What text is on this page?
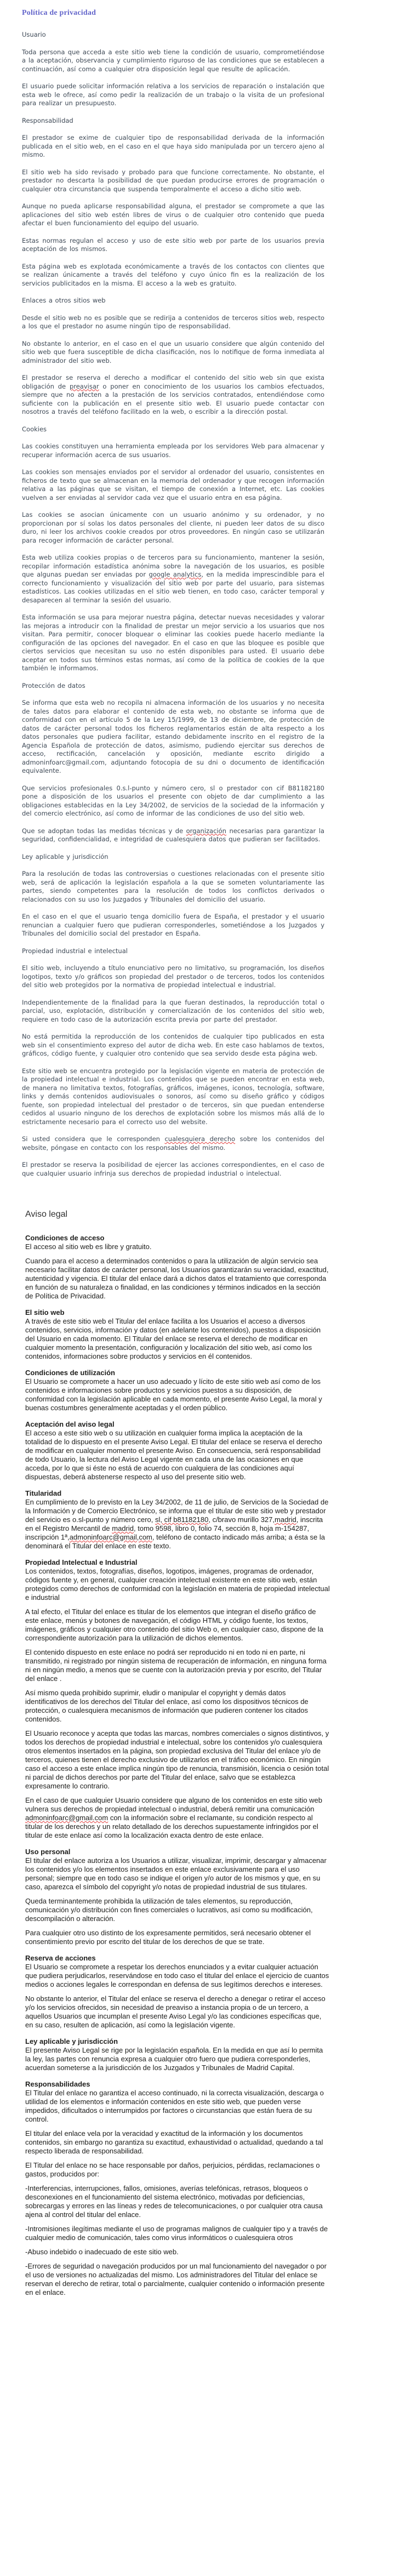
Política de privacidad
Usuario
Toda persona que acceda a este sitio web tiene la condición de usuario, comprometiéndose a la aceptación, observancia y cumplimiento riguroso de las condiciones que se establecen a continuación, así como a cualquier otra disposición legal que resulte de aplicación.
El usuario puede solicitar información relativa a los servicios de reparación o instalación que esta web le ofrece, así como pedir la realización de un trabajo o la visita de un profesional para realizar un presupuesto.
Responsabilidad
El prestador se exime de cualquier tipo de responsabilidad derivada de la información publicada en el sitio web, en el caso en el que haya sido manipulada por un tercero ajeno al mismo.
El sitio web ha sido revisado y probado para que funcione correctamente. No obstante, el prestador no descarta la posibilidad de que puedan producirse errores de programación o cualquier otra circunstancia que suspenda temporalmente el acceso a dicho sitio web.
Aunque no pueda aplicarse responsabilidad alguna, el prestador se compromete a que las aplicaciones del sitio web estén libres de virus o de cualquier otro contenido que pueda afectar el buen funcionamiento del equipo del usuario.
Estas normas regulan el acceso y uso de este sitio web por parte de los usuarios previa aceptación de los mismos.
Esta página web es explotada económicamente a través de los contactos con clientes que se realizan únicamente a través del teléfono y cuyo único fin es la realización de los servicios publicitados en la misma. El acceso a la web es gratuito.
Enlaces a otros sitios web
Desde el sitio web no es posible que se redirija a contenidos de terceros sitios web, respecto a los que el prestador no asume ningún tipo de responsabilidad.
No obstante lo anterior, en el caso en el que un usuario considere que algún contenido del sitio web que fuera susceptible de dicha clasificación, nos lo notifique de forma inmediata al administrador del sitio web.
El prestador se reserva el derecho a modificar el contenido del sitio web sin que exista obligación de preavisar o poner en conocimiento de los usuarios los cambios efectuados, siempre que no afecten a la prestación de los servicios contratados, entendiéndose como suficiente con la publicación en el presente sitio web. El usuario puede contactar con nosotros a través del teléfono facilitado en la web, o escribir a la dirección postal.
Cookies
Las cookies constituyen una herramienta empleada por los servidores Web para almacenar y recuperar información acerca de sus usuarios.
Las cookies son mensajes enviados por el servidor al ordenador del usuario, consistentes en ficheros de texto que se almacenan en la memoria del ordenador y que recogen información relativa a las páginas que se visitan, el tiempo de conexión a Internet, etc. Las cookies vuelven a ser enviadas al servidor cada vez que el usuario entra en esa página.
Las cookies se asocian únicamente con un usuario anónimo y su ordenador, y no proporcionan por sí solas los datos personales del cliente, ni pueden leer datos de su disco duro, ni leer los archivos cookie creados por otros proveedores. En ningún caso se utilizarán para recoger información de carácter personal.
Esta web utiliza cookies propias o de terceros para su funcionamiento, mantener la sesión, recopilar información estadística anónima sobre la navegación de los usuarios, es posible que algunas puedan ser enviadas por google analytics, en la medida imprescindible para el correcto funcionamiento y visualización del sitio web por parte del usuario, para sistemas estadísticos. Las cookies utilizadas en el sitio web tienen, en todo caso, carácter temporal y desaparecen al terminar la sesión del usuario.
Esta información se usa para mejorar nuestra página, detectar nuevas necesidades y valorar las mejoras a introducir con la finalidad de prestar un mejor servicio a los usuarios que nos visitan. Para permitir, conocer bloquear o eliminar las cookies puede hacerlo mediante la configuración de las opciones del navegador. En el caso en que las bloquee es posible que ciertos servicios que necesitan su uso no estén disponibles para usted. El usuario debe aceptar en todos sus términos estas normas, así como de la política de cookies de la que también le informamos.
Protección de datos
Se informa que esta web no recopila ni almacena información de los usuarios y no necesita de tales datos para elaborar el contenido de esta web, no obstante se informa que de conformidad con en el artículo 5 de la Ley 15/1999, de 13 de diciembre, de protección de datos de carácter personal todos los ficheros reglamentarios están de alta respecto a los datos personales que pudiera facilitar, estando debidamente inscrito en el registro de la Agencia Española de protección de datos, asimismo, pudiendo ejercitar sus derechos de acceso, rectificación, cancelación y oposición, mediante escrito dirigido a admoninfoarc@gmail.com, adjuntando fotocopia de su dni o documento de identificación equivalente.
Que servicios profesionales 0.s.l-punto y número cero, sl o prestador con cif B81182180 pone a disposición de los usuarios el presente con objeto de dar cumplimiento a las obligaciones establecidas en la Ley 34/2002, de servicios de la sociedad de la información y del comercio electrónico, así como de informar de las condiciones de uso del sitio web.
Que se adoptan todas las medidas técnicas y de organización necesarias para garantizar la seguridad, confidencialidad, e integridad de cualesquiera datos que pudieran ser facilitados.
Ley aplicable y jurisdicción
Para la resolución de todas las controversias o cuestiones relacionadas con el presente sitio web, será de aplicación la legislación española a la que se someten voluntariamente las partes, siendo competentes para la resolución de todos los conflictos derivados o relacionados con su uso los Juzgados y Tribunales del domicilio del usuario.
En el caso en el que el usuario tenga domicilio fuera de España, el prestador y el usuario renuncian a cualquier fuero que pudieran corresponderles, sometiéndose a los Juzgados y Tribunales del domicilio social del prestador en España.
Propiedad industrial e intelectual
El sitio web, incluyendo a título enunciativo pero no limitativo, su programación, los diseños logotipos, texto y/o gráficos son propiedad del prestador o de terceros, todos los contenidos del sitio web protegidos por la normativa de propiedad intelectual e industrial.
Independientemente de la finalidad para la que fueran destinados, la reproducción total o parcial, uso, explotación, distribución y comercialización de los contenidos del sitio web, requiere en todo caso de la autorización escrita previa por parte del prestador.
No está permitida la reproducción de los contenidos de cualquier tipo publicados en esta web sin el consentimiento expreso del autor de dicha web. En este caso hablamos de textos, gráficos, código fuente, y cualquier otro contenido que sea servido desde esta página web.
Este sitio web se encuentra protegido por la legislación vigente en materia de protección de la propiedad intelectual e industrial. Los contenidos que se pueden encontrar en esta web, de manera no limitativa textos, fotografías, gráficos, imágenes, iconos, tecnología, software, links y demás contenidos audiovisuales o sonoros, así como su diseño gráfico y códigos fuente, son propiedad intelectual del prestador o de terceros, sin que puedan entenderse cedidos al usuario ninguno de los derechos de explotación sobre los mismos más allá de lo estrictamente necesario para el correcto uso del website.
Si usted considera que le corresponden cualesquiera derecho sobre los contenidos del website, póngase en contacto con los responsables del mismo.
El prestador se reserva la posibilidad de ejercer las acciones correspondientes, en el caso de que cualquier usuario infrinja sus derechos de propiedad industrial o intelectual.
Aviso legal
Condiciones de acceso
El acceso al sitio web es libre y gratuito.
Cuando para el acceso a determinados contenidos o para la utilización de algún servicio sea necesario facilitar datos de carácter personal, los Usuarios garantizarán su veracidad, exactitud, autenticidad y vigencia. El titular del enlace dará a dichos datos el tratamiento que corresponda en función de su naturaleza o finalidad, en las condiciones y términos indicados en la sección de Política de Privacidad.
El sitio web
A través de este sitio web el Titular del enlace facilita a los Usuarios el acceso a diversos contenidos, servicios, información y datos (en adelante los contenidos), puestos a disposición del Usuario en cada momento. El Titular del enlace se reserva el derecho de modificar en cualquier momento la presentación, configuración y localización del sitio web, así como los contenidos, informaciones sobre productos y servicios en él contenidos.
Condiciones de utilización
El Usuario se compromete a hacer un uso adecuado y lícito de este sitio web así como de los contenidos e informaciones sobre productos y servicios puestos a su disposición, de conformidad con la legislación aplicable en cada momento, el presente Aviso Legal, la moral y buenas costumbres generalmente aceptadas y el orden público.
Aceptación del aviso legal
El acceso a este sitio web o su utilización en cualquier forma implica la aceptación de la totalidad de lo dispuesto en el presente Aviso Legal. El titular del enlace se reserva el derecho de modificar en cualquier momento el presente Aviso. En consecuencia, será responsabilidad de todo Usuario, la lectura del Aviso Legal vigente en cada una de las ocasiones en que acceda, por lo que si éste no está de acuerdo con cualquiera de las condiciones aquí dispuestas, deberá abstenerse respecto al uso del presente sitio web.
Titularidad
En cumplimiento de lo previsto en la Ley 34/2002, de 11 de julio, de Servicios de la Sociedad de la Información y de Comercio Electrónico, se informa que el titular de este sitio web y prestador del servicio es o.sl-punto y número cero, sl, cif b81182180, c/bravo murillo 327,madrid, inscrita en el Registro Mercantil de madrid, tomo 9598, libro 0, folio 74, sección 8, hoja m-154287, inscripción 1ª,admoninfoarc@gmail,com, teléfono de contacto indicado más arriba; a ésta se la denominará el Titular del enlace en este texto.
Propiedad Intelectual e Industrial
Los contenidos, textos, fotografías, diseños, logotipos, imágenes, programas de ordenador, códigos fuente y, en general, cualquier creación intelectual existente en este sitio web, están protegidos como derechos de conformidad con la legislación en materia de propiedad intelectual e industrial
A tal efecto, el Titular del enlace es titular de los elementos que integran el diseño gráfico de este enlace, menús y botones de navegación, el código HTML y código fuente, los textos, imágenes, gráficos y cualquier otro contenido del sitio Web o, en cualquier caso, dispone de la correspondiente autorización para la utilización de dichos elementos.
El contenido dispuesto en este enlace no podrá ser reproducido ni en todo ni en parte, ni transmitido, ni registrado por ningún sistema de recuperación de información, en ninguna forma ni en ningún medio, a menos que se cuente con la autorización previa y por escrito, del Titular del enlace .
Así mismo queda prohibido suprimir, eludir o manipular el copyright y demás datos identificativos de los derechos del Titular del enlace, así como los dispositivos técnicos de protección, o cualesquiera mecanismos de información que pudieren contener los citados contenidos.
El Usuario reconoce y acepta que todas las marcas, nombres comerciales o signos distintivos, y todos los derechos de propiedad industrial e intelectual, sobre los contenidos y/o cualesquiera otros elementos insertados en la página, son propiedad exclusiva del Titular del enlace y/o de terceros, quienes tienen el derecho exclusivo de utilizarlos en el tráfico económico. En ningún caso el acceso a este enlace implica ningún tipo de renuncia, transmisión, licencia o cesión total ni parcial de dichos derechos por parte del Titular del enlace, salvo que se establezca expresamente lo contrario.
En el caso de que cualquier Usuario considere que alguno de los contenidos en este sitio web vulnera sus derechos de propiedad intelectual o industrial, deberá remitir una comunicación admoninfoarc@gmail.com con la información sobre el reclamante, su condición respecto al titular de los derechos y un relato detallado de los derechos supuestamente infringidos por el titular de este enlace así como la localización exacta dentro de este enlace.
Uso personal
El titular del enlace autoriza a los Usuarios a utilizar, visualizar, imprimir, descargar y almacenar los contenidos y/o los elementos insertados en este enlace exclusivamente para el uso personal; siempre que en todo caso se indique el origen y/o autor de los mismos y que, en su caso, aparezca el símbolo del copyright y/o notas de propiedad industrial de sus titulares.
Queda terminantemente prohibida la utilización de tales elementos, su reproducción, comunicación y/o distribución con fines comerciales o lucrativos, así como su modificación, descompilación o alteración.
Para cualquier otro uso distinto de los expresamente permitidos, será necesario obtener el consentimiento previo por escrito del titular de los derechos de que se trate.
Reserva de acciones
El Usuario se compromete a respetar los derechos enunciados y a evitar cualquier actuación que pudiera perjudicarlos, reservándose en todo caso el titular del enlace el ejercicio de cuantos medios o acciones legales le correspondan en defensa de sus legítimos derechos e intereses.
No obstante lo anterior, el Titular del enlace se reserva el derecho a denegar o retirar el acceso y/o los servicios ofrecidos, sin necesidad de preaviso a instancia propia o de un tercero, a aquellos Usuarios que incumplan el presente Aviso Legal y/o las condiciones específicas que, en su caso, resulten de aplicación, así como la legislación vigente.
Ley aplicable y jurisdicción
El presente Aviso Legal se rige por la legislación española. En la medida en que así lo permita la ley, las partes con renuncia expresa a cualquier otro fuero que pudiera corresponderles, acuerdan someterse a la jurisdicción de los Juzgados y Tribunales de Madrid Capital.
Responsabilidades
El Titular del enlace no garantiza el acceso continuado, ni la correcta visualización, descarga o utilidad de los elementos e información contenidos en este sitio web, que pueden verse impedidos, dificultados o interrumpidos por factores o circunstancias que están fuera de su control.
El titular del enlace vela por la veracidad y exactitud de la información y los documentos contenidos, sin embargo no garantiza su exactitud, exhaustividad o actualidad, quedando a tal respecto liberada de responsabilidad.
El Titular del enlace no se hace responsable por daños, perjuicios, pérdidas, reclamaciones o gastos, producidos por:
-Interferencias, interrupciones, fallos, omisiones, averías telefónicas, retrasos, bloqueos o desconexiones en el funcionamiento del sistema electrónico, motivadas por deficiencias, sobrecargas y errores en las líneas y redes de telecomunicaciones, o por cualquier otra causa ajena al control del titular del enlace.
-Intromisiones ilegítimas mediante el uso de programas malignos de cualquier tipo y a través de cualquier medio de comunicación, tales como virus informáticos o cualesquiera otros
-Abuso indebido o inadecuado de este sitio web.
-Errores de seguridad o navegación producidos por un mal funcionamiento del navegador o por el uso de versiones no actualizadas del mismo. Los administradores del Titular del enlace se reservan el derecho de retirar, total o parcialmente, cualquier contenido o información presente en el enlace.
